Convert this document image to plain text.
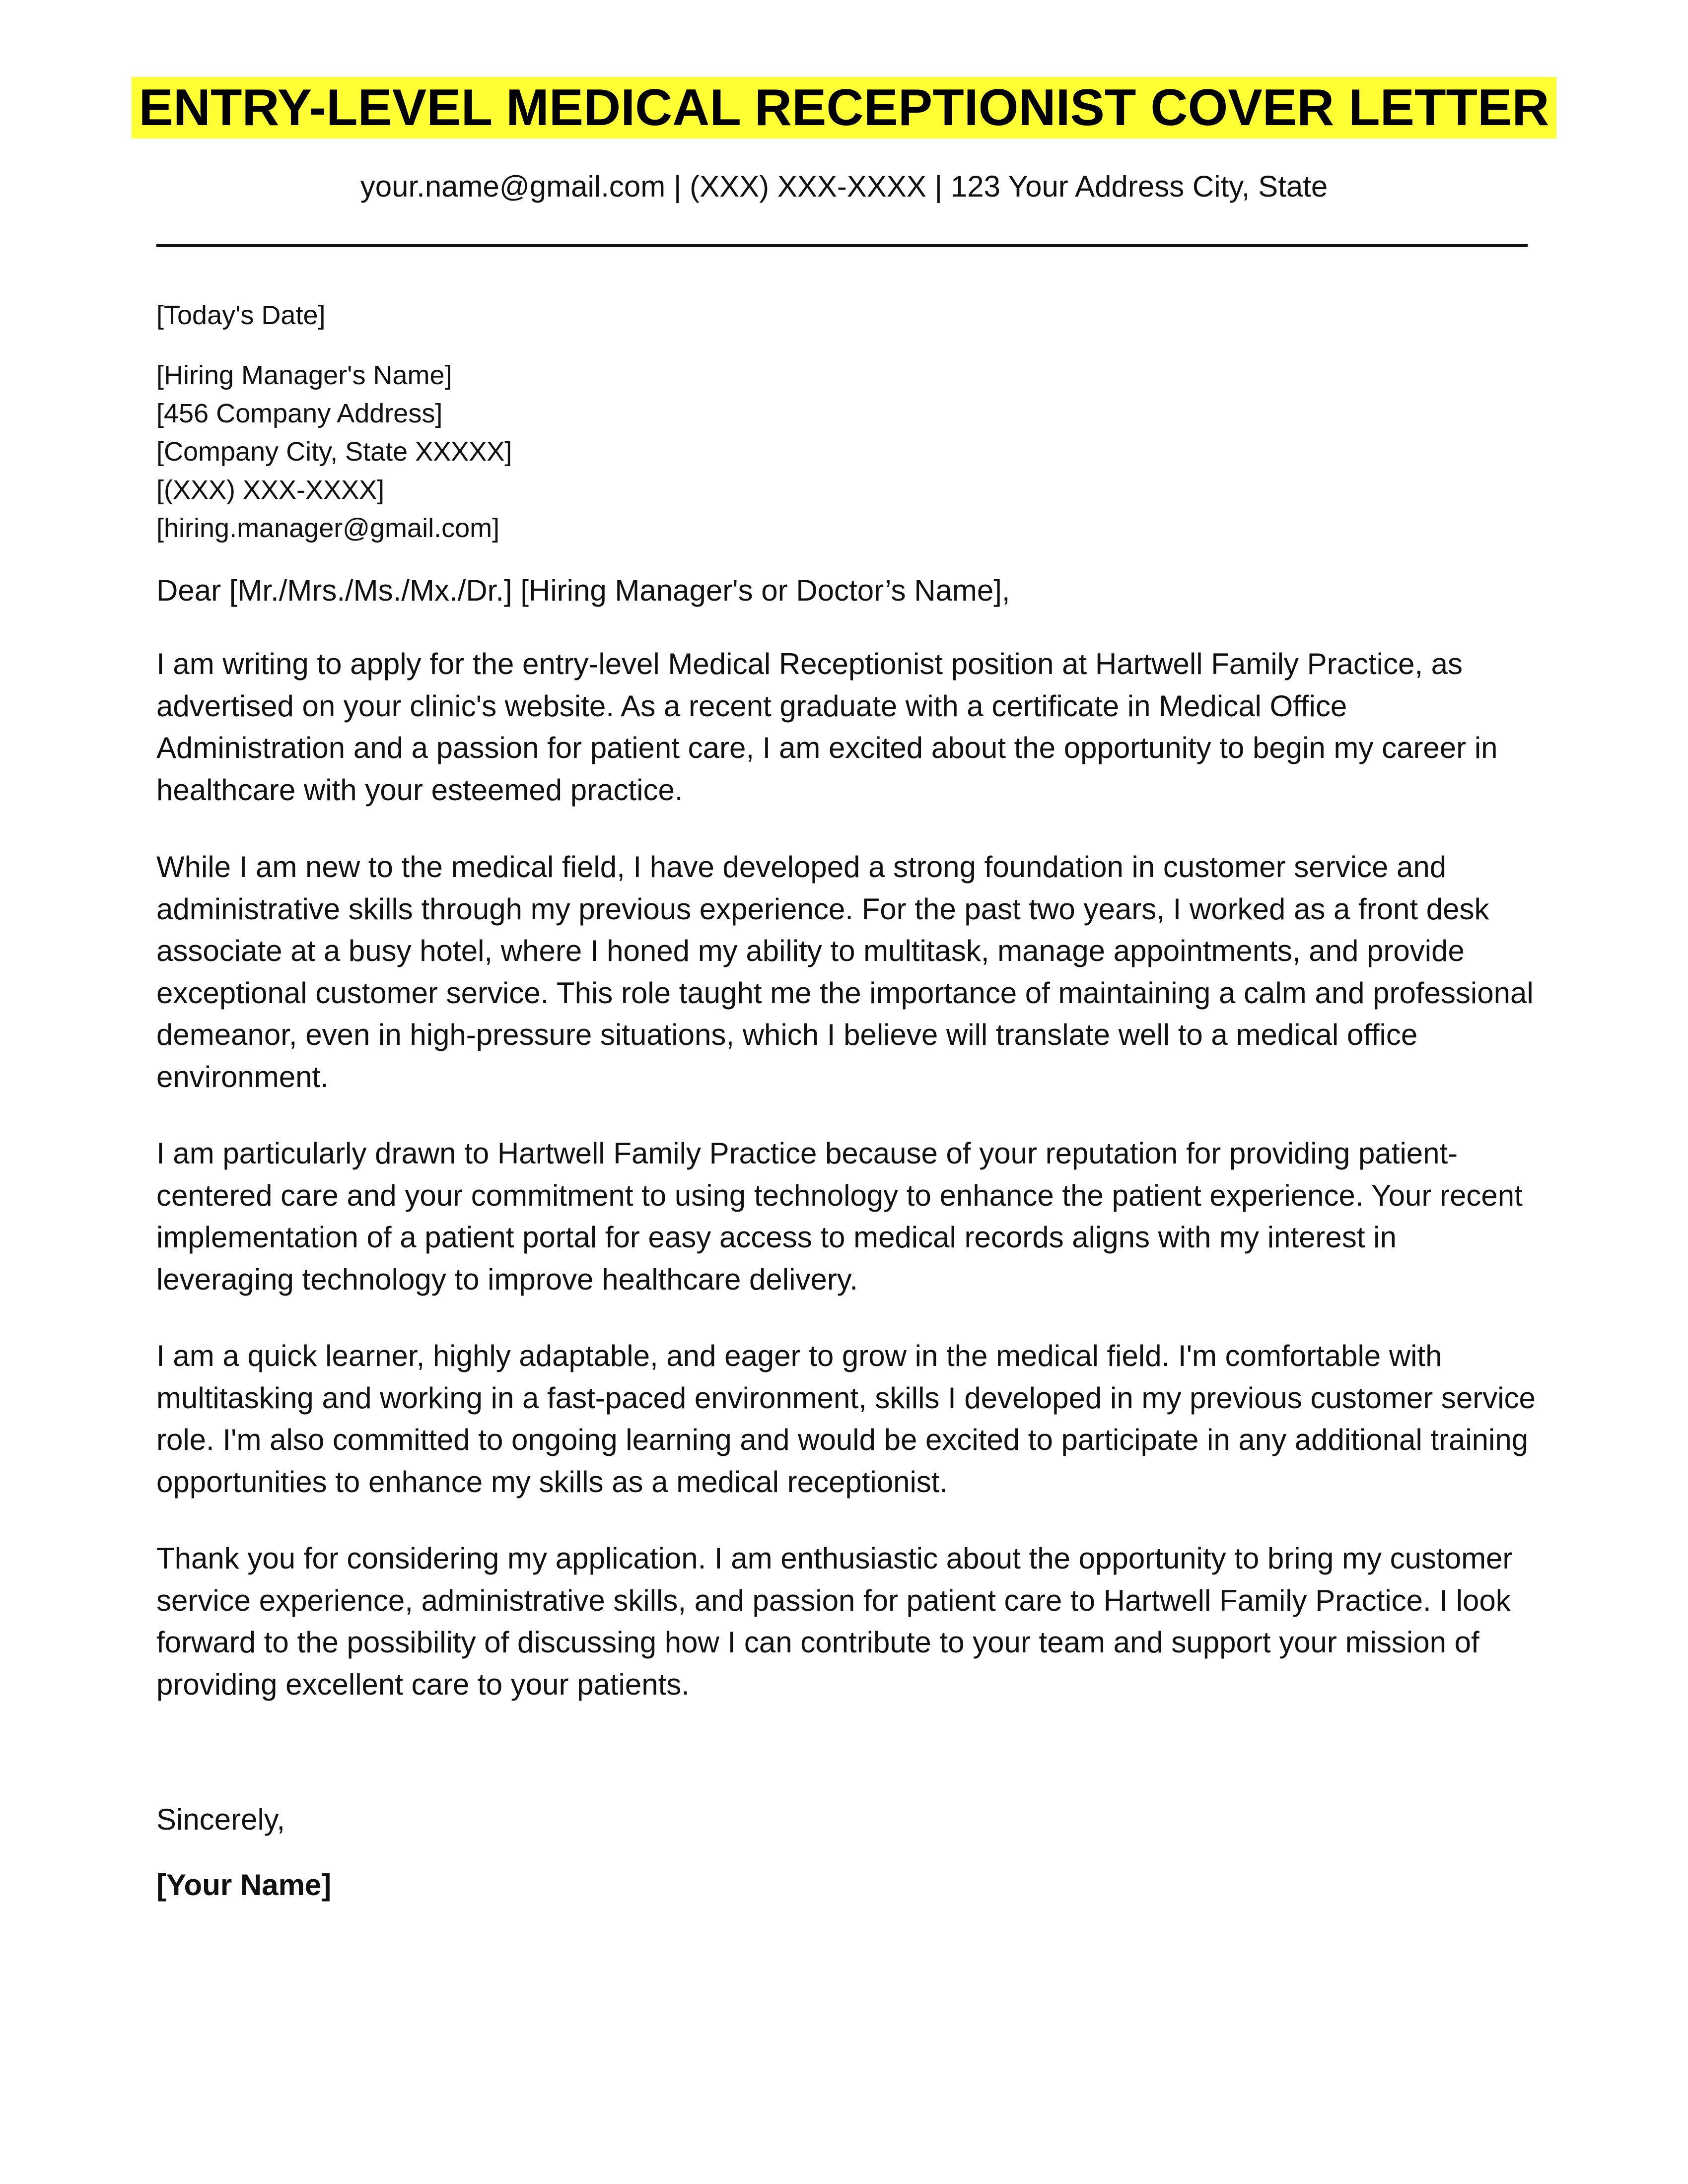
ENTRY-LEVEL MEDICAL RECEPTIONIST COVER LETTER
your.name@gmail.com | (XXX) XXX-XXXX | 123 Your Address City, State
[Today's Date]
[Hiring Manager's Name]
[456 Company Address]
[Company City, State XXXXX]
[(XXX) XXX-XXXX]
[hiring.manager@gmail.com]
Dear [Mr./Mrs./Ms./Mx./Dr.] [Hiring Manager's or Doctor’s Name],

I am writing to apply for the entry-level Medical Receptionist position at Hartwell Family Practice, as advertised on your clinic's website. As a recent graduate with a certificate in Medical Office Administration and a passion for patient care, I am excited about the opportunity to begin my career in healthcare with your esteemed practice.

While I am new to the medical field, I have developed a strong foundation in customer service and administrative skills through my previous experience. For the past two years, I worked as a front desk associate at a busy hotel, where I honed my ability to multitask, manage appointments, and provide exceptional customer service. This role taught me the importance of maintaining a calm and professional demeanor, even in high-pressure situations, which I believe will translate well to a medical office environment.

I am particularly drawn to Hartwell Family Practice because of your reputation for providing patient-centered care and your commitment to using technology to enhance the patient experience. Your recent implementation of a patient portal for easy access to medical records aligns with my interest in leveraging technology to improve healthcare delivery.

I am a quick learner, highly adaptable, and eager to grow in the medical field. I'm comfortable with multitasking and working in a fast-paced environment, skills I developed in my previous customer service role. I'm also committed to ongoing learning and would be excited to participate in any additional training opportunities to enhance my skills as a medical receptionist.

Thank you for considering my application. I am enthusiastic about the opportunity to bring my customer service experience, administrative skills, and passion for patient care to Hartwell Family Practice. I look forward to the possibility of discussing how I can contribute to your team and support your mission of providing excellent care to your patients.

Sincerely,
[Your Name]
